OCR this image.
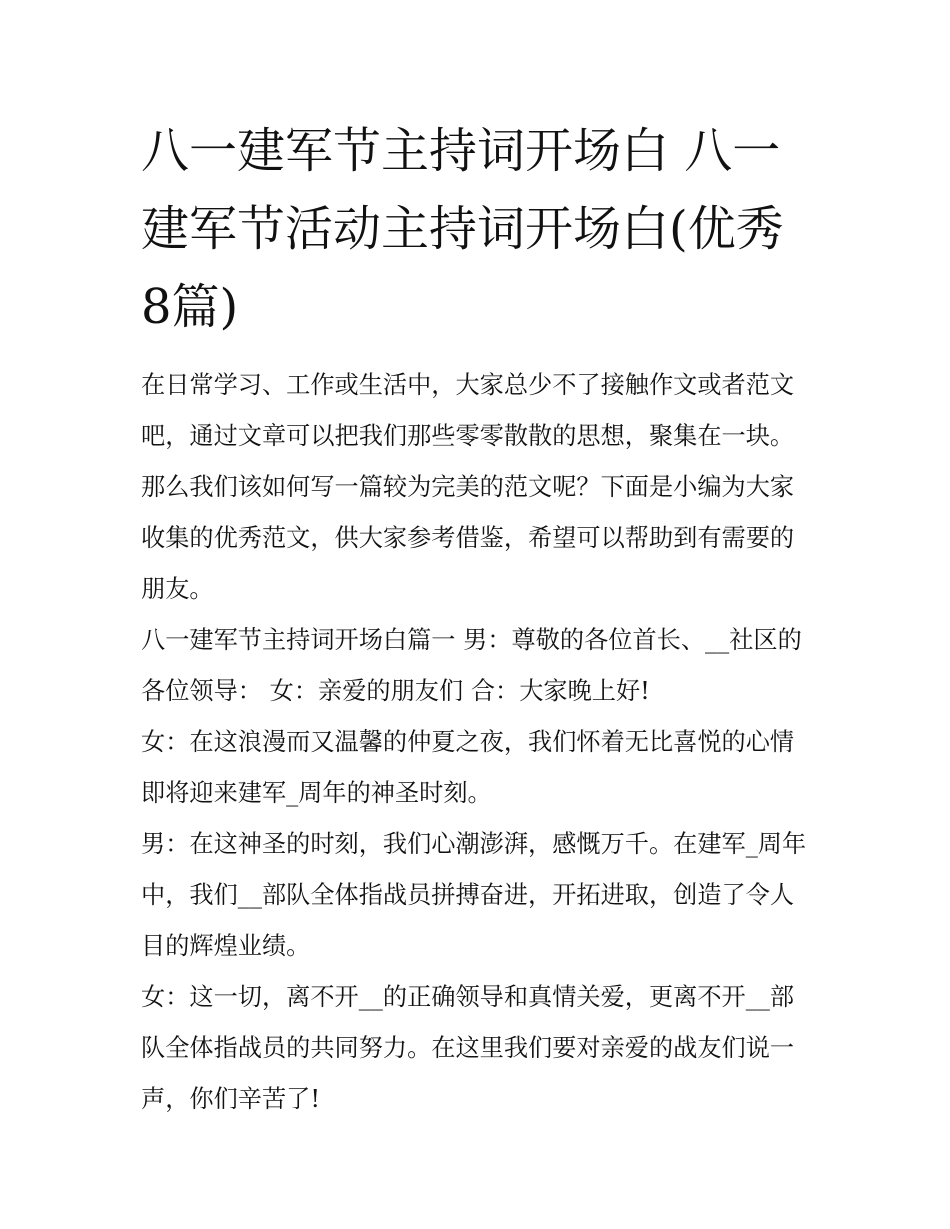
八一建军节主持词开场白 八一建军节活动主持词开场白(优秀8篇)

在日常学习、工作或生活中，大家总少不了接触作文或者范文吧，通过文章可以把我们那些零零散散的思想，聚集在一块。那么我们该如何写一篇较为完美的范文呢？下面是小编为大家收集的优秀范文，供大家参考借鉴，希望可以帮助到有需要的朋友。

八一建军节主持词开场白篇一 男：尊敬的各位首长、__社区的各位领导： 女：亲爱的朋友们 合：大家晚上好!

女：在这浪漫而又温馨的仲夏之夜，我们怀着无比喜悦的心情即将迎来建军_周年的神圣时刻。

男：在这神圣的时刻，我们心潮澎湃，感慨万千。在建军_周年中，我们__部队全体指战员拼搏奋进，开拓进取，创造了令人目的辉煌业绩。

女：这一切，离不开__的正确领导和真情关爱，更离不开__部队全体指战员的共同努力。在这里我们要对亲爱的战友们说一声，你们辛苦了!
